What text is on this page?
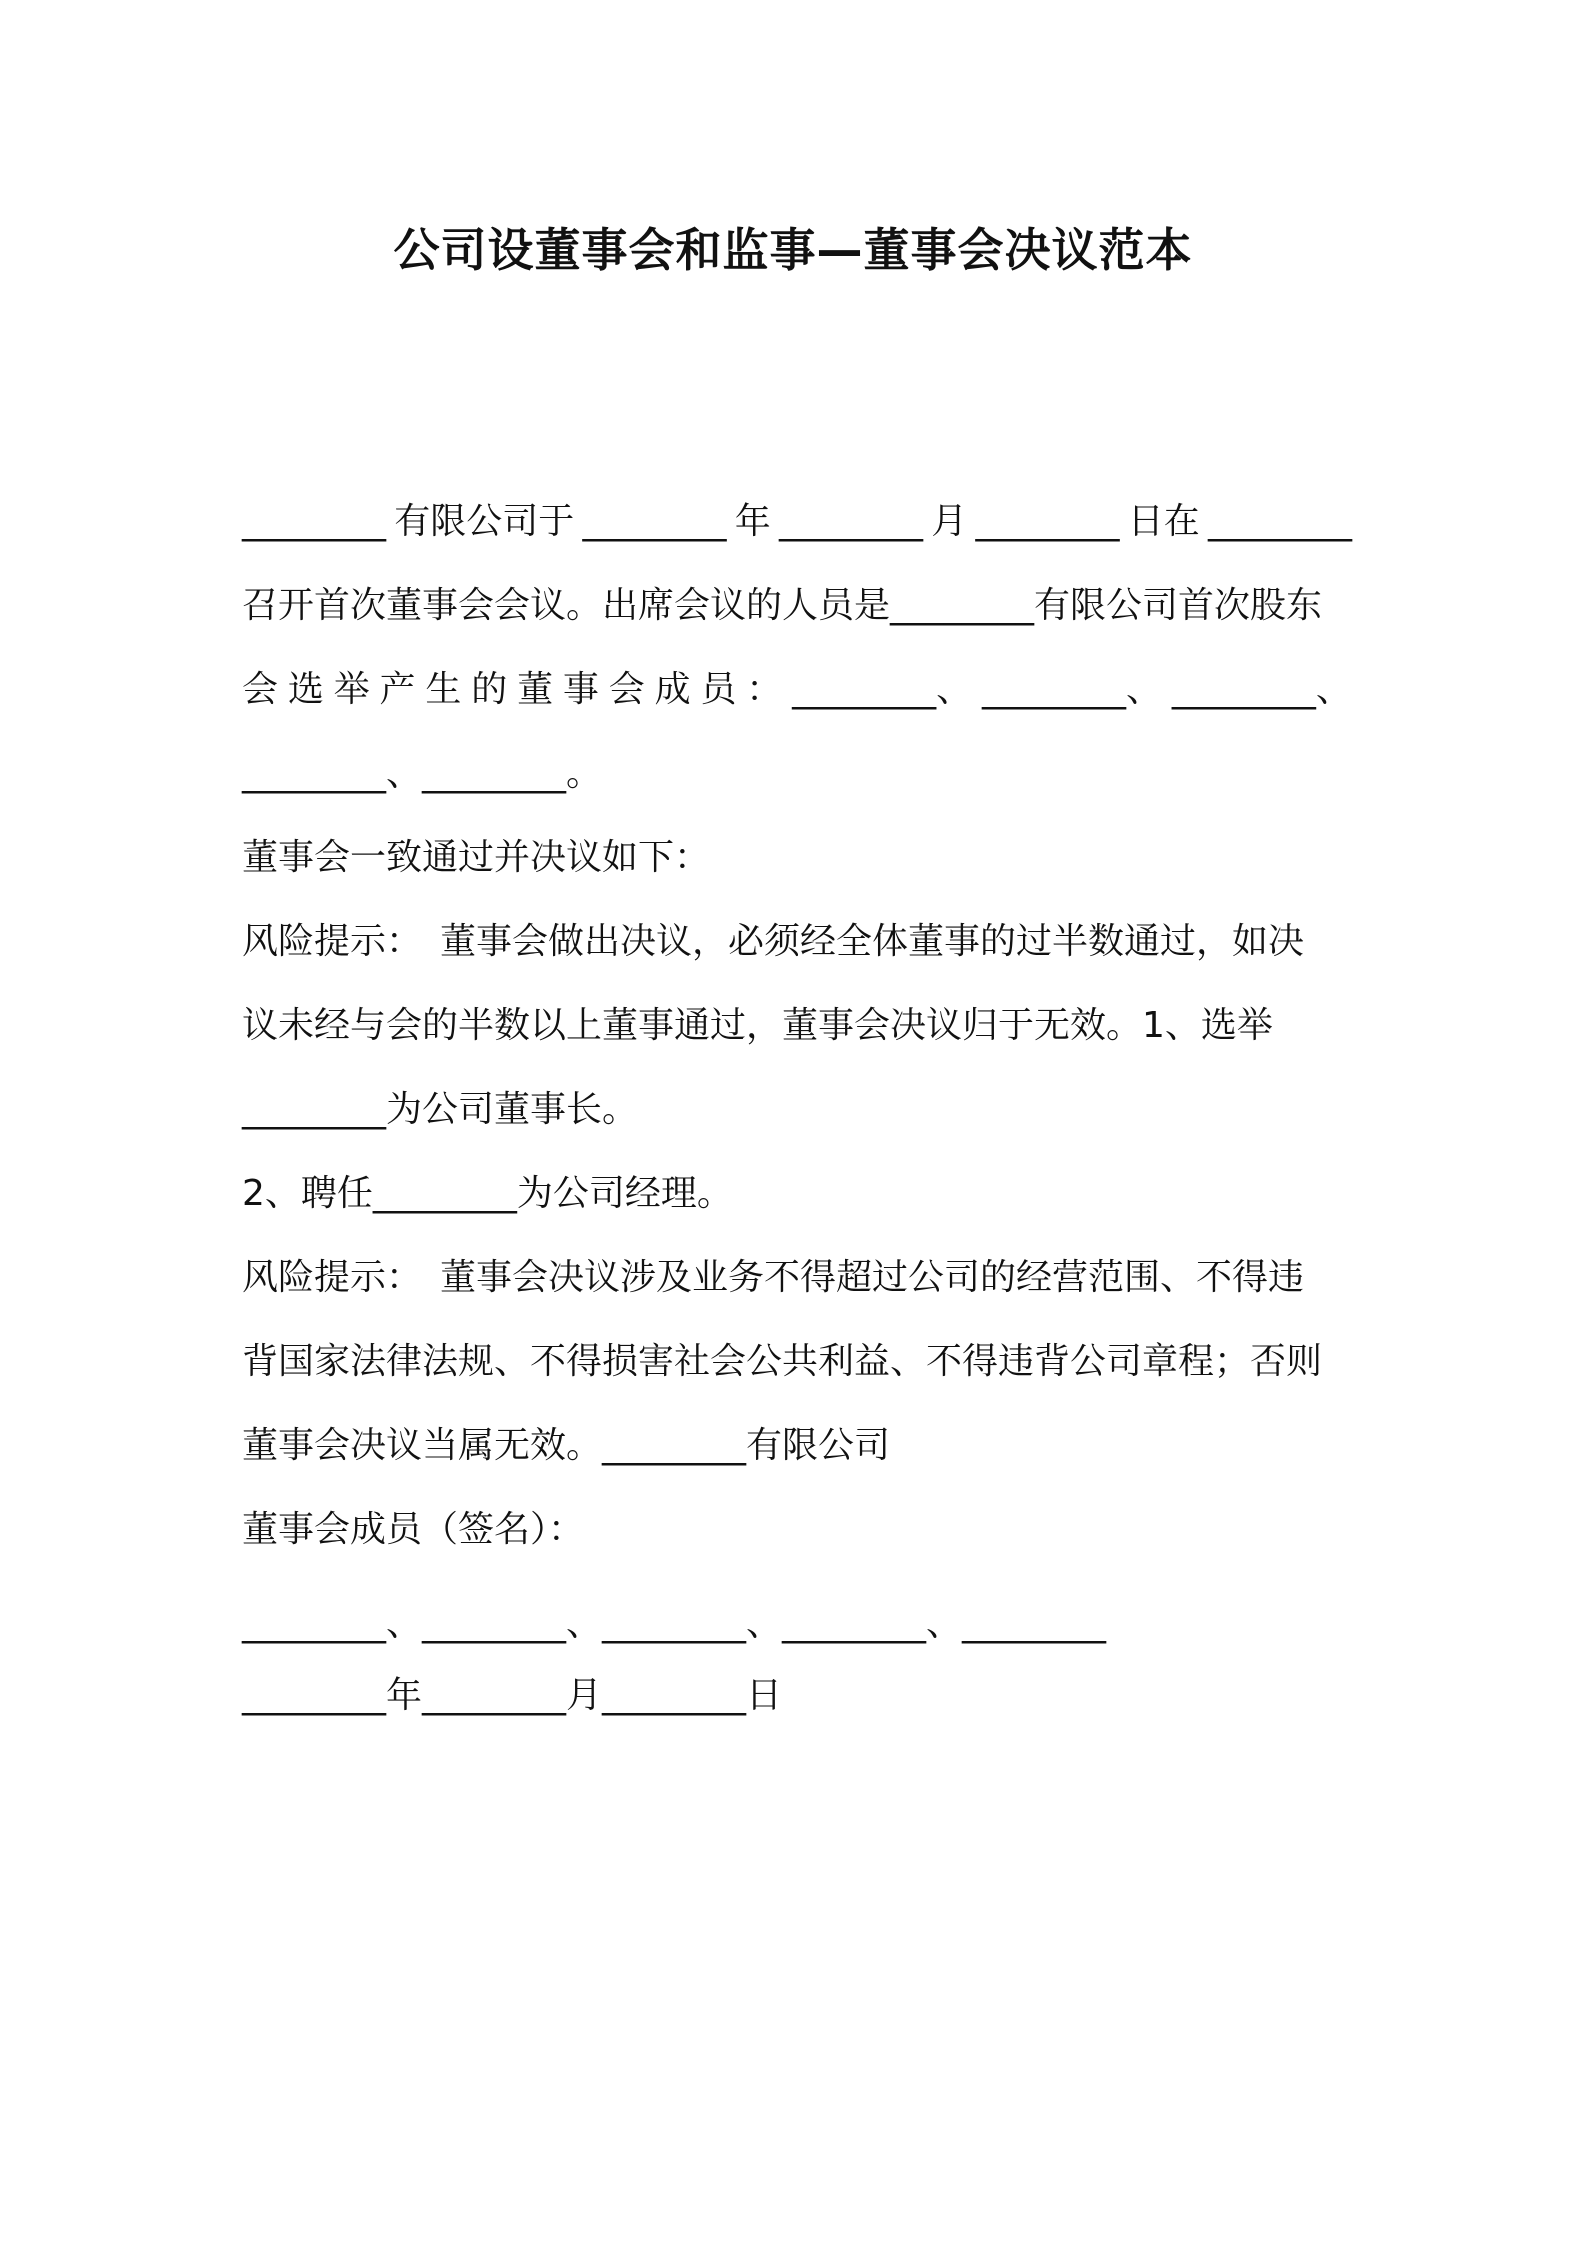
公司设董事会和监事—董事会决议范本
________ 有限公司于 ________ 年 ________ 月 ________ 日在 ________
召开首次董事会会议。出席会议的人员是________有限公司首次股东
会 选 举 产 生 的 董 事 会 成 员 ： ________、 ________、 ________、
________、________。
董事会一致通过并决议如下：
风险提示：　董事会做出决议，必须经全体董事的过半数通过，如决
议未经与会的半数以上董事通过，董事会决议归于无效。1、选举
________为公司董事长。
2、聘任________为公司经理。
风险提示：　董事会决议涉及业务不得超过公司的经营范围、不得违
背国家法律法规、不得损害社会公共利益、不得违背公司章程；否则
董事会决议当属无效。________有限公司
董事会成员（签名）：
________、________、________、________、________
________年________月________日
